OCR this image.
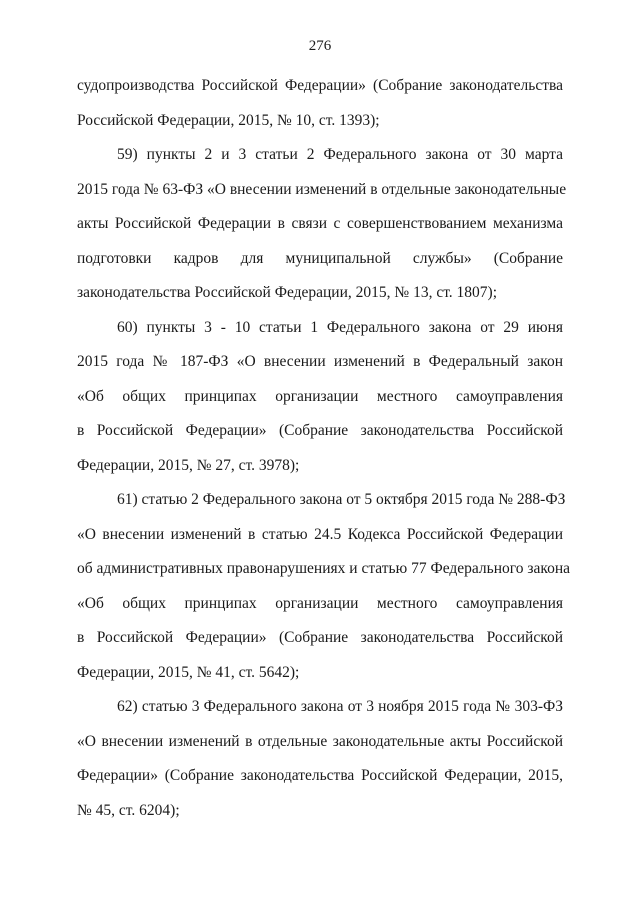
276
судопроизводства Российской Федерации» (Собрание законодательства
Российской Федерации, 2015, № 10, ст. 1393);
59) пункты 2 и 3 статьи 2 Федерального закона от 30 марта
2015 года № 63-ФЗ «О внесении изменений в отдельные законодательные
акты Российской Федерации в связи с совершенствованием механизма
подготовки кадров для муниципальной службы» (Собрание
законодательства Российской Федерации, 2015, № 13, ст. 1807);
60) пункты 3 - 10 статьи 1 Федерального закона от 29 июня
2015 года № 187-ФЗ «О внесении изменений в Федеральный закон
«Об общих принципах организации местного самоуправления
в Российской Федерации» (Собрание законодательства Российской
Федерации, 2015, № 27, ст. 3978);
61) статью 2 Федерального закона от 5 октября 2015 года № 288-ФЗ
«О внесении изменений в статью 24.5 Кодекса Российской Федерации
об административных правонарушениях и статью 77 Федерального закона
«Об общих принципах организации местного самоуправления
в Российской Федерации» (Собрание законодательства Российской
Федерации, 2015, № 41, ст. 5642);
62) статью 3 Федерального закона от 3 ноября 2015 года № 303-ФЗ
«О внесении изменений в отдельные законодательные акты Российской
Федерации» (Собрание законодательства Российской Федерации, 2015,
№ 45, ст. 6204);
